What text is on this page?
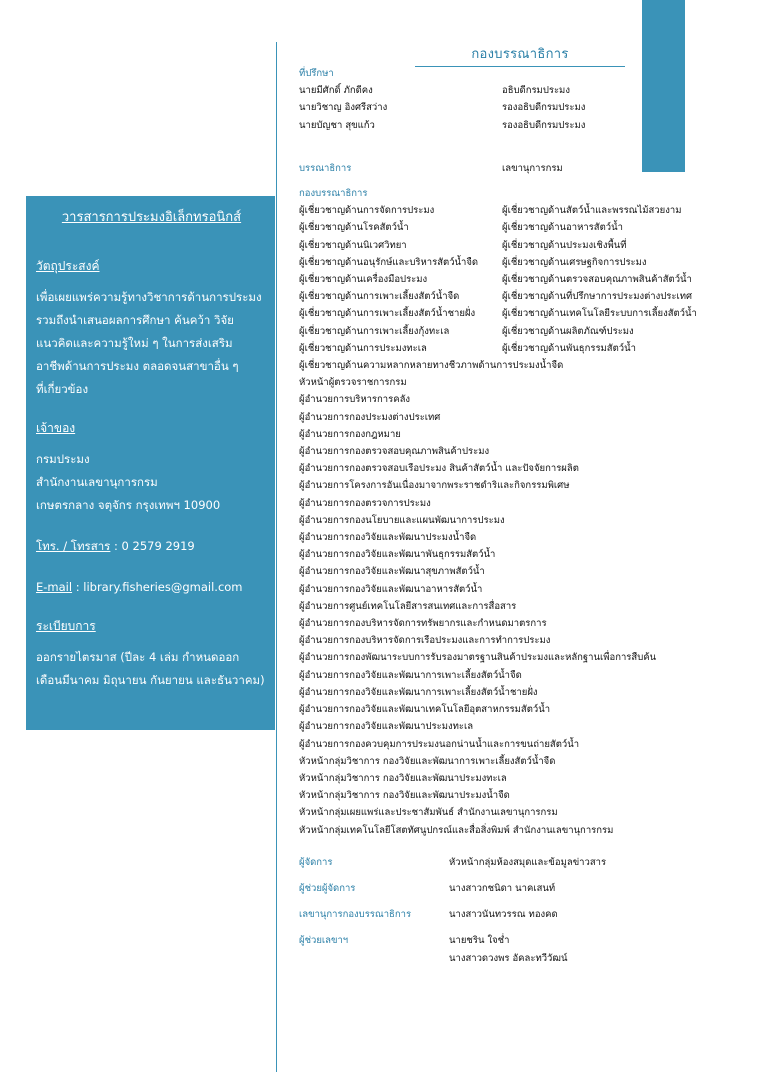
กองบรรณาธิการ
วารสารการประมงอิเล็กทรอนิกส์
วัตถุประสงค์
เพื่อเผยแพร่ความรู้ทางวิชาการด้านการประมง
รวมถึงนำเสนอผลการศึกษา ค้นคว้า วิจัย
แนวคิดและความรู้ใหม่ ๆ ในการส่งเสริม
อาชีพด้านการประมง ตลอดจนสาขาอื่น ๆ
ที่เกี่ยวข้อง
เจ้าของ
กรมประมง
สำนักงานเลขานุการกรม
เกษตรกลาง จตุจักร กรุงเทพฯ 10900
โทร. / โทรสาร : 0 2579 2919
E-mail : library.fisheries@gmail.com
ระเบียบการ
ออกรายไตรมาส (ปีละ 4 เล่ม กำหนดออก
เดือนมีนาคม มิถุนายน กันยายน และธันวาคม)
ที่ปรึกษา
นายมีศักดิ์ ภักดีคง	อธิบดีกรมประมง
นายวิชาญ อิงศรีสว่าง	รองอธิบดีกรมประมง
นายบัญชา สุขแก้ว	รองอธิบดีกรมประมง
บรรณาธิการ	เลขานุการกรม
กองบรรณาธิการ
ผู้เชี่ยวชาญด้านการจัดการประมง	ผู้เชี่ยวชาญด้านสัตว์น้ำและพรรณไม้สวยงาม
ผู้เชี่ยวชาญด้านโรคสัตว์น้ำ	ผู้เชี่ยวชาญด้านอาหารสัตว์น้ำ
ผู้เชี่ยวชาญด้านนิเวศวิทยา	ผู้เชี่ยวชาญด้านประมงเชิงพื้นที่
ผู้เชี่ยวชาญด้านอนุรักษ์และบริหารสัตว์น้ำจืด	ผู้เชี่ยวชาญด้านเศรษฐกิจการประมง
ผู้เชี่ยวชาญด้านเครื่องมือประมง	ผู้เชี่ยวชาญด้านตรวจสอบคุณภาพสินค้าสัตว์น้ำ
ผู้เชี่ยวชาญด้านการเพาะเลี้ยงสัตว์น้ำจืด	ผู้เชี่ยวชาญด้านที่ปรึกษาการประมงต่างประเทศ
ผู้เชี่ยวชาญด้านการเพาะเลี้ยงสัตว์น้ำชายฝั่ง	ผู้เชี่ยวชาญด้านเทคโนโลยีระบบการเลี้ยงสัตว์น้ำ
ผู้เชี่ยวชาญด้านการเพาะเลี้ยงกุ้งทะเล	ผู้เชี่ยวชาญด้านผลิตภัณฑ์ประมง
ผู้เชี่ยวชาญด้านการประมงทะเล	ผู้เชี่ยวชาญด้านพันธุกรรมสัตว์น้ำ
ผู้เชี่ยวชาญด้านความหลากหลายทางชีวภาพด้านการประมงน้ำจืด
หัวหน้าผู้ตรวจราชการกรม
ผู้อำนวยการบริหารการคลัง
ผู้อำนวยการกองประมงต่างประเทศ
ผู้อำนวยการกองกฎหมาย
ผู้อำนวยการกองตรวจสอบคุณภาพสินค้าประมง
ผู้อำนวยการกองตรวจสอบเรือประมง สินค้าสัตว์น้ำ และปัจจัยการผลิต
ผู้อำนวยการโครงการอันเนื่องมาจากพระราชดำริและกิจกรรมพิเศษ
ผู้อำนวยการกองตรวจการประมง
ผู้อำนวยการกองนโยบายและแผนพัฒนาการประมง
ผู้อำนวยการกองวิจัยและพัฒนาประมงน้ำจืด
ผู้อำนวยการกองวิจัยและพัฒนาพันธุกรรมสัตว์น้ำ
ผู้อำนวยการกองวิจัยและพัฒนาสุขภาพสัตว์น้ำ
ผู้อำนวยการกองวิจัยและพัฒนาอาหารสัตว์น้ำ
ผู้อำนวยการศูนย์เทคโนโลยีสารสนเทศและการสื่อสาร
ผู้อำนวยการกองบริหารจัดการทรัพยากรและกำหนดมาตรการ
ผู้อำนวยการกองบริหารจัดการเรือประมงและการทำการประมง
ผู้อำนวยการกองพัฒนาระบบการรับรองมาตรฐานสินค้าประมงและหลักฐานเพื่อการสืบค้น
ผู้อำนวยการกองวิจัยและพัฒนาการเพาะเลี้ยงสัตว์น้ำจืด
ผู้อำนวยการกองวิจัยและพัฒนาการเพาะเลี้ยงสัตว์น้ำชายฝั่ง
ผู้อำนวยการกองวิจัยและพัฒนาเทคโนโลยีอุตสาหกรรมสัตว์น้ำ
ผู้อำนวยการกองวิจัยและพัฒนาประมงทะเล
ผู้อำนวยการกองควบคุมการประมงนอกน่านน้ำและการขนถ่ายสัตว์น้ำ
หัวหน้ากลุ่มวิชาการ กองวิจัยและพัฒนาการเพาะเลี้ยงสัตว์น้ำจืด
หัวหน้ากลุ่มวิชาการ กองวิจัยและพัฒนาประมงทะเล
หัวหน้ากลุ่มวิชาการ กองวิจัยและพัฒนาประมงน้ำจืด
หัวหน้ากลุ่มเผยแพร่และประชาสัมพันธ์ สำนักงานเลขานุการกรม
หัวหน้ากลุ่มเทคโนโลยีโสตทัศนูปกรณ์และสื่อสิ่งพิมพ์ สำนักงานเลขานุการกรม
ผู้จัดการ	หัวหน้ากลุ่มห้องสมุดและข้อมูลข่าวสาร
ผู้ช่วยผู้จัดการ	นางสาวกชนิดา นาคเสนท์
เลขานุการกองบรรณาธิการ	นางสาวนันทวรรณ ทองคด
ผู้ช่วยเลขาฯ	นายชริน ใจช่ำ
นางสาวดวงพร อัคละทวีวัฒน์
